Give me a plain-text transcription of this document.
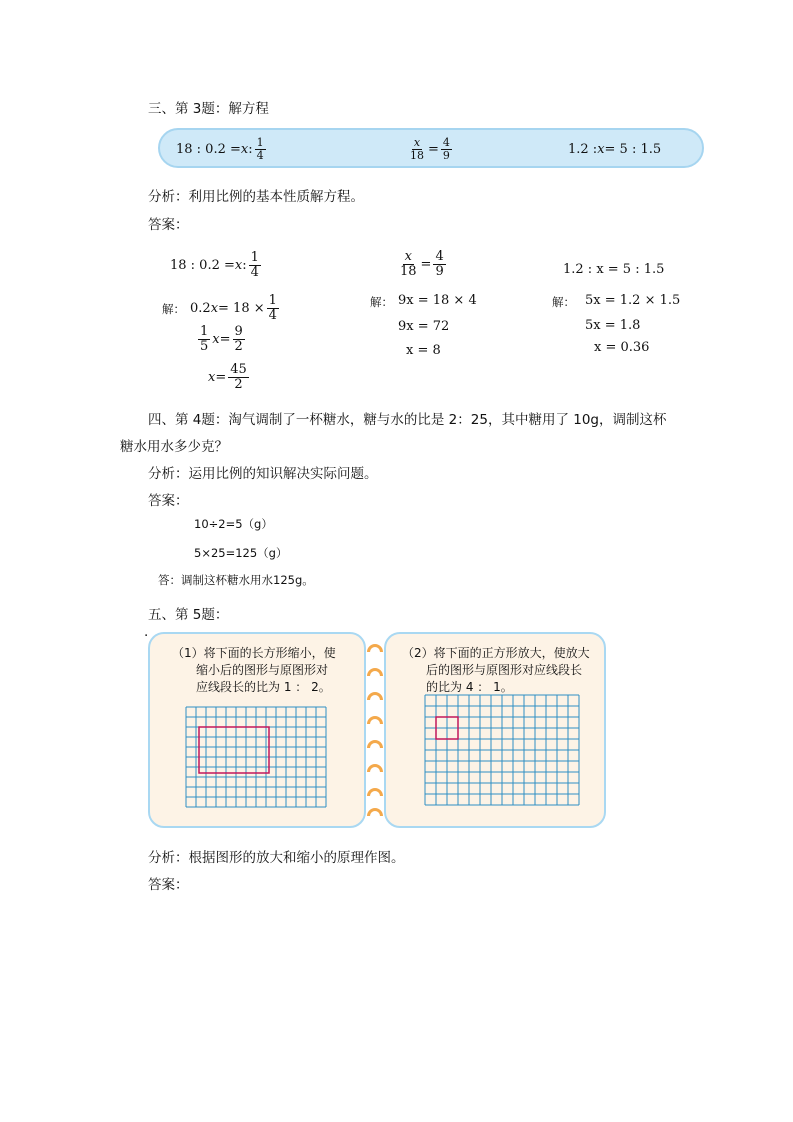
三、第 3题：解方程
18 : 0.2 = x : $\frac{1}{4}$	$\frac{x}{18} = \frac{4}{9}$	1.2 : x = 5 : 1.5
分析：利用比例的基本性质解方程。
答案：
18 : 0.2 = x : $\frac{1}{4}$
解： 0.2 $x = 18 \times \frac{1}{4}$
$\frac{1}{5}$ $x = \frac{9}{2}$
$x = \frac{45}{2}$
$\frac{x}{18} = \frac{4}{9}$
解： 9x = 18 × 4
9x = 72
x = 8
1.2 : x = 5 : 1.5
解： 5x = 1.2 × 1.5
5x = 1.8
x = 0.36
四、第 4题：淘气调制了一杯糖水，糖与水的比是 2：25，其中糖用了 10g，调制这杯
糖水用水多少克？
分析：运用比例的知识解决实际问题。
答案：
10÷2=5（g）
5×25=125（g）
答：调制这杯糖水用水125g。
五、第 5题：
.
（1）将下面的长方形缩小，使
缩小后的图形与原图形对
应线段长的比为 1 ： 2。
（2）将下面的正方形放大，使放大
后的图形与原图形对应线段长
的比为 4 ： 1。
分析：根据图形的放大和缩小的原理作图。
答案：
